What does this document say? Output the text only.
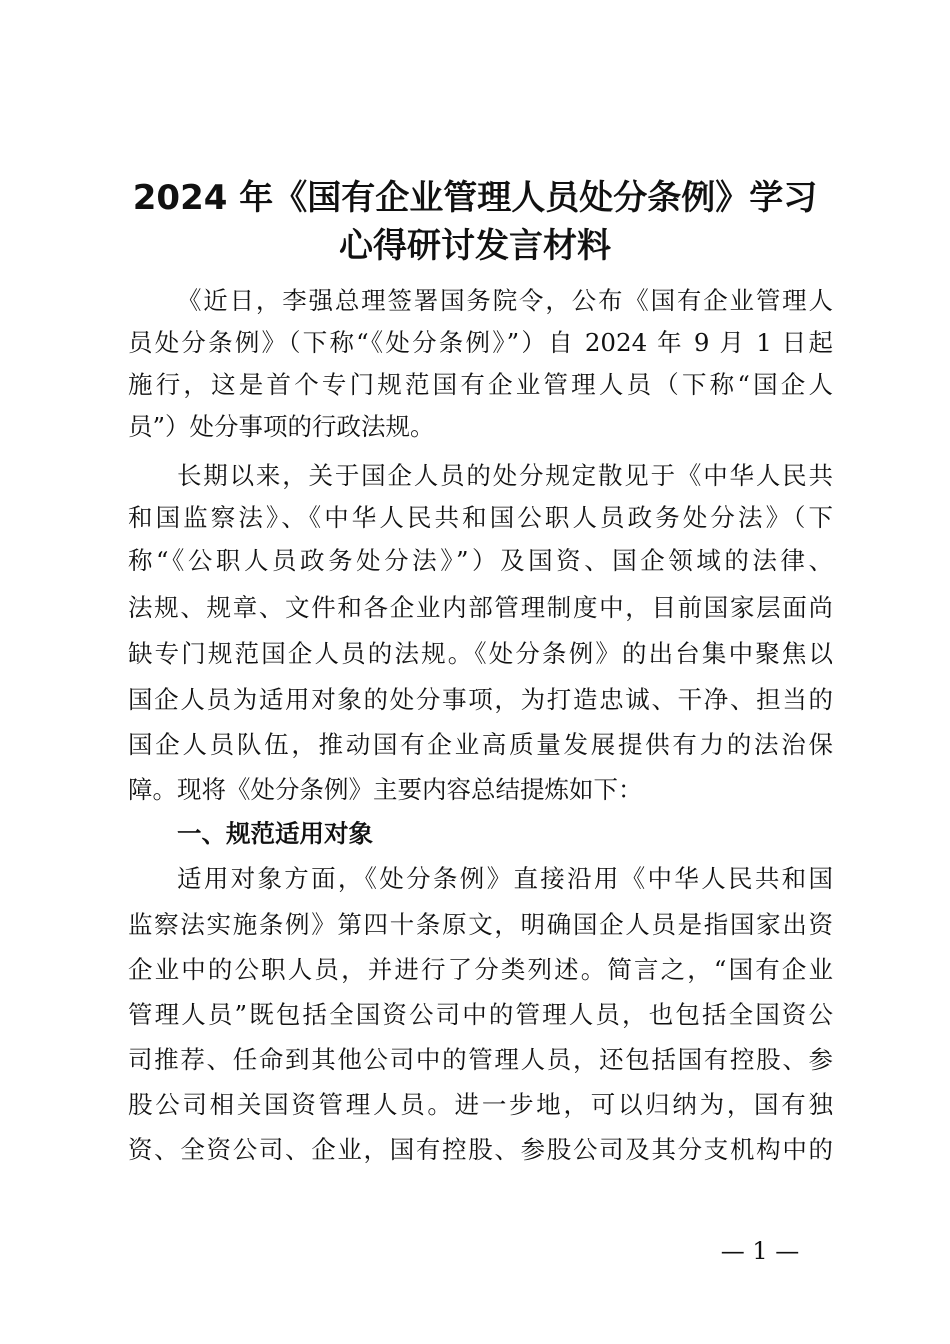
2024 年《国有企业管理人员处分条例》学习
心得研讨发言材料
《近日，李强总理签署国务院令，公布《国有企业管理人
员处分条例》（下称“《处分条例》”）自 2024 年 9 月 1 日起
施行，这是首个专门规范国有企业管理人员（下称“国企人
员”）处分事项的行政法规。
长期以来，关于国企人员的处分规定散见于《中华人民共
和国监察法》、《中华人民共和国公职人员政务处分法》（下
称“《公职人员政务处分法》”）及国资、国企领域的法律、
法规、规章、文件和各企业内部管理制度中，目前国家层面尚
缺专门规范国企人员的法规。《处分条例》的出台集中聚焦以
国企人员为适用对象的处分事项，为打造忠诚、干净、担当的
国企人员队伍，推动国有企业高质量发展提供有力的法治保
障。现将《处分条例》主要内容总结提炼如下：
一、规范适用对象
适用对象方面，《处分条例》直接沿用《中华人民共和国
监察法实施条例》第四十条原文，明确国企人员是指国家出资
企业中的公职人员，并进行了分类列述。简言之，“国有企业
管理人员”既包括全国资公司中的管理人员，也包括全国资公
司推荐、任命到其他公司中的管理人员，还包括国有控股、参
股公司相关国资管理人员。进一步地，可以归纳为，国有独
资、全资公司、企业，国有控股、参股公司及其分支机构中的
— 1 —
